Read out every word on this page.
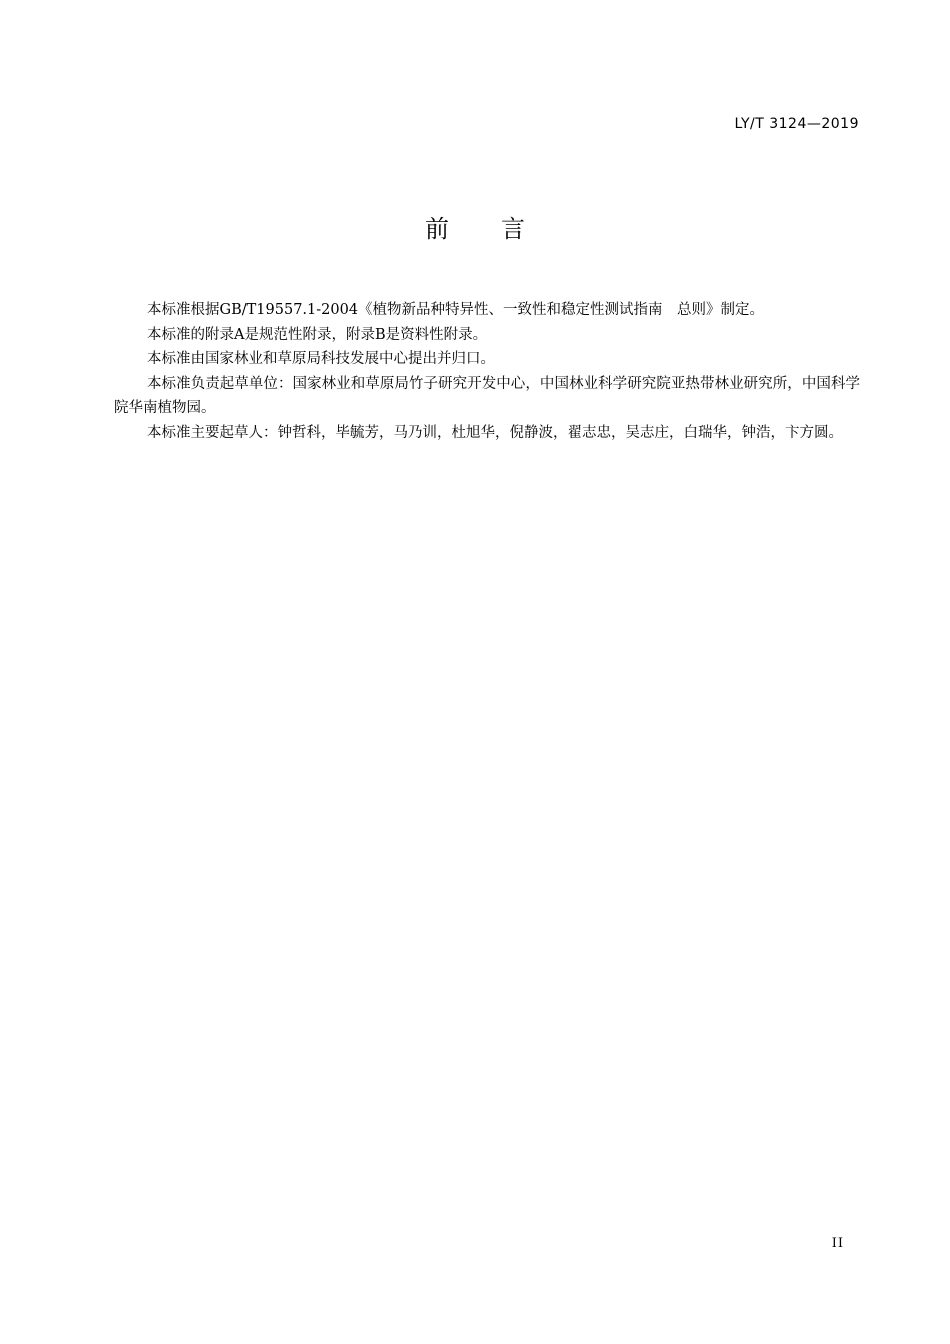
LY/T 3124—2019
前言

本标准根据GB/T19557.1-2004《植物新品种特异性、一致性和稳定性测试指南　总则》制定。

本标准的附录A是规范性附录，附录B是资料性附录。

本标准由国家林业和草原局科技发展中心提出并归口。

本标准负责起草单位：国家林业和草原局竹子研究开发中心，中国林业科学研究院亚热带林业研究所，中国科学院华南植物园。

本标准主要起草人：钟哲科，毕毓芳，马乃训，杜旭华，倪静波，翟志忠，吴志庄，白瑞华，钟浩，卞方圆。

II
